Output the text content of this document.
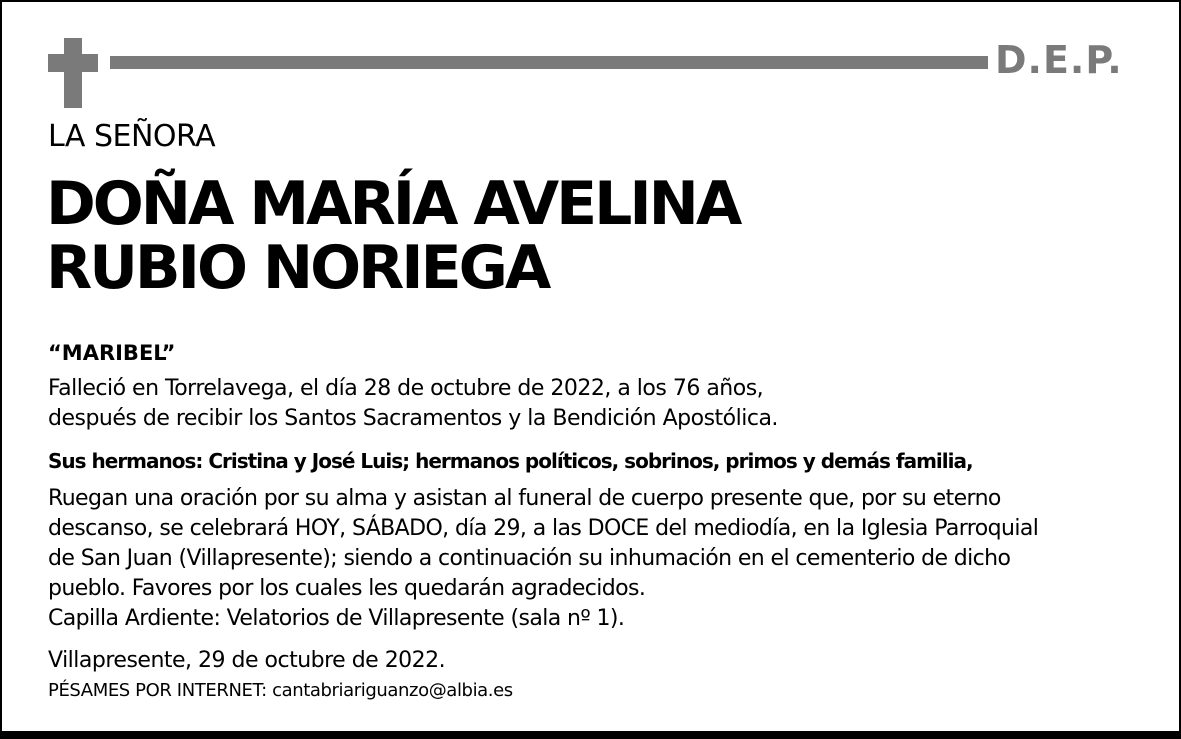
D.E.P.
LA SEÑORA
DOÑA MARÍA AVELINA
RUBIO NORIEGA
“MARIBEL”
Falleció en Torrelavega, el día 28 de octubre de 2022, a los 76 años,
después de recibir los Santos Sacramentos y la Bendición Apostólica.
Sus hermanos: Cristina y José Luis; hermanos políticos, sobrinos, primos y demás familia,
Ruegan una oración por su alma y asistan al funeral de cuerpo presente que, por su eterno
descanso, se celebrará HOY, SÁBADO, día 29, a las DOCE del mediodía, en la Iglesia Parroquial
de San Juan (Villapresente); siendo a continuación su inhumación en el cementerio de dicho
pueblo. Favores por los cuales les quedarán agradecidos.
Capilla Ardiente: Velatorios de Villapresente (sala nº 1).
Villapresente, 29 de octubre de 2022.
PÉSAMES POR INTERNET: cantabriariguanzo@albia.es
